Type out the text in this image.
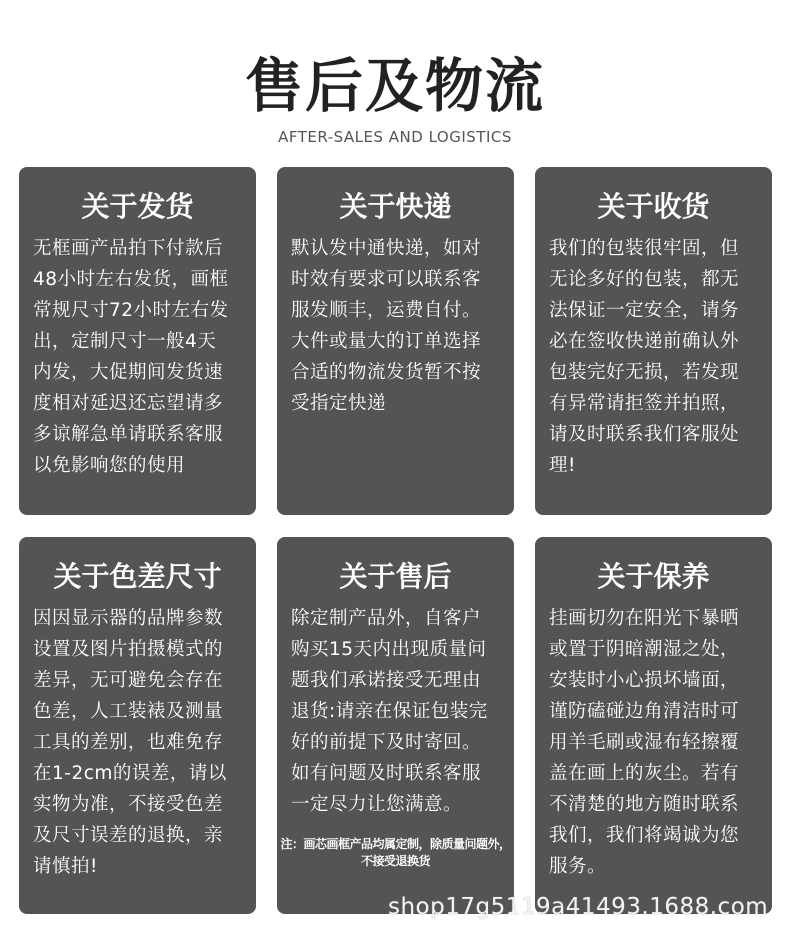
售后及物流
AFTER-SALES AND LOGISTICS
关于发货
无框画产品拍下付款后
48小时左右发货，画框
常规尺寸72小时左右发
出，定制尺寸一般4天
内发，大促期间发货速
度相对延迟还忘望请多
多谅解急单请联系客服
以免影响您的使用
关于快递
默认发中通快递，如对
时效有要求可以联系客
服发顺丰，运费自付。
大件或量大的订单选择
合适的物流发货暂不按
受指定快递
关于收货
我们的包装很牢固，但
无论多好的包装，都无
法保证一定安全，请务
必在签收快递前确认外
包装完好无损，若发现
有异常请拒签并拍照，
请及时联系我们客服处
理!
关于色差尺寸
因因显示器的品牌参数
设置及图片拍摄模式的
差异，无可避免会存在
色差，人工装裱及测量
工具的差别，也难免存
在1-2cm的误差，请以
实物为准，不接受色差
及尺寸误差的退换，亲
请慎拍!
关于售后
除定制产品外，自客户
购买15天内出现质量问
题我们承诺接受无理由
退货:请亲在保证包装完
好的前提下及时寄回。
如有问题及时联系客服
一定尽力让您满意。
注：画芯画框产品均属定制，除质量问题外，不接受退换货
关于保养
挂画切勿在阳光下暴晒
或置于阴暗潮湿之处，
安装时小心损坏墙面，
谨防磕碰边角清洁时可
用羊毛刷或湿布轻擦覆
盖在画上的灰尘。若有
不清楚的地方随时联系
我们，我们将竭诚为您
服务。
shop17g5119a41493.1688.com
